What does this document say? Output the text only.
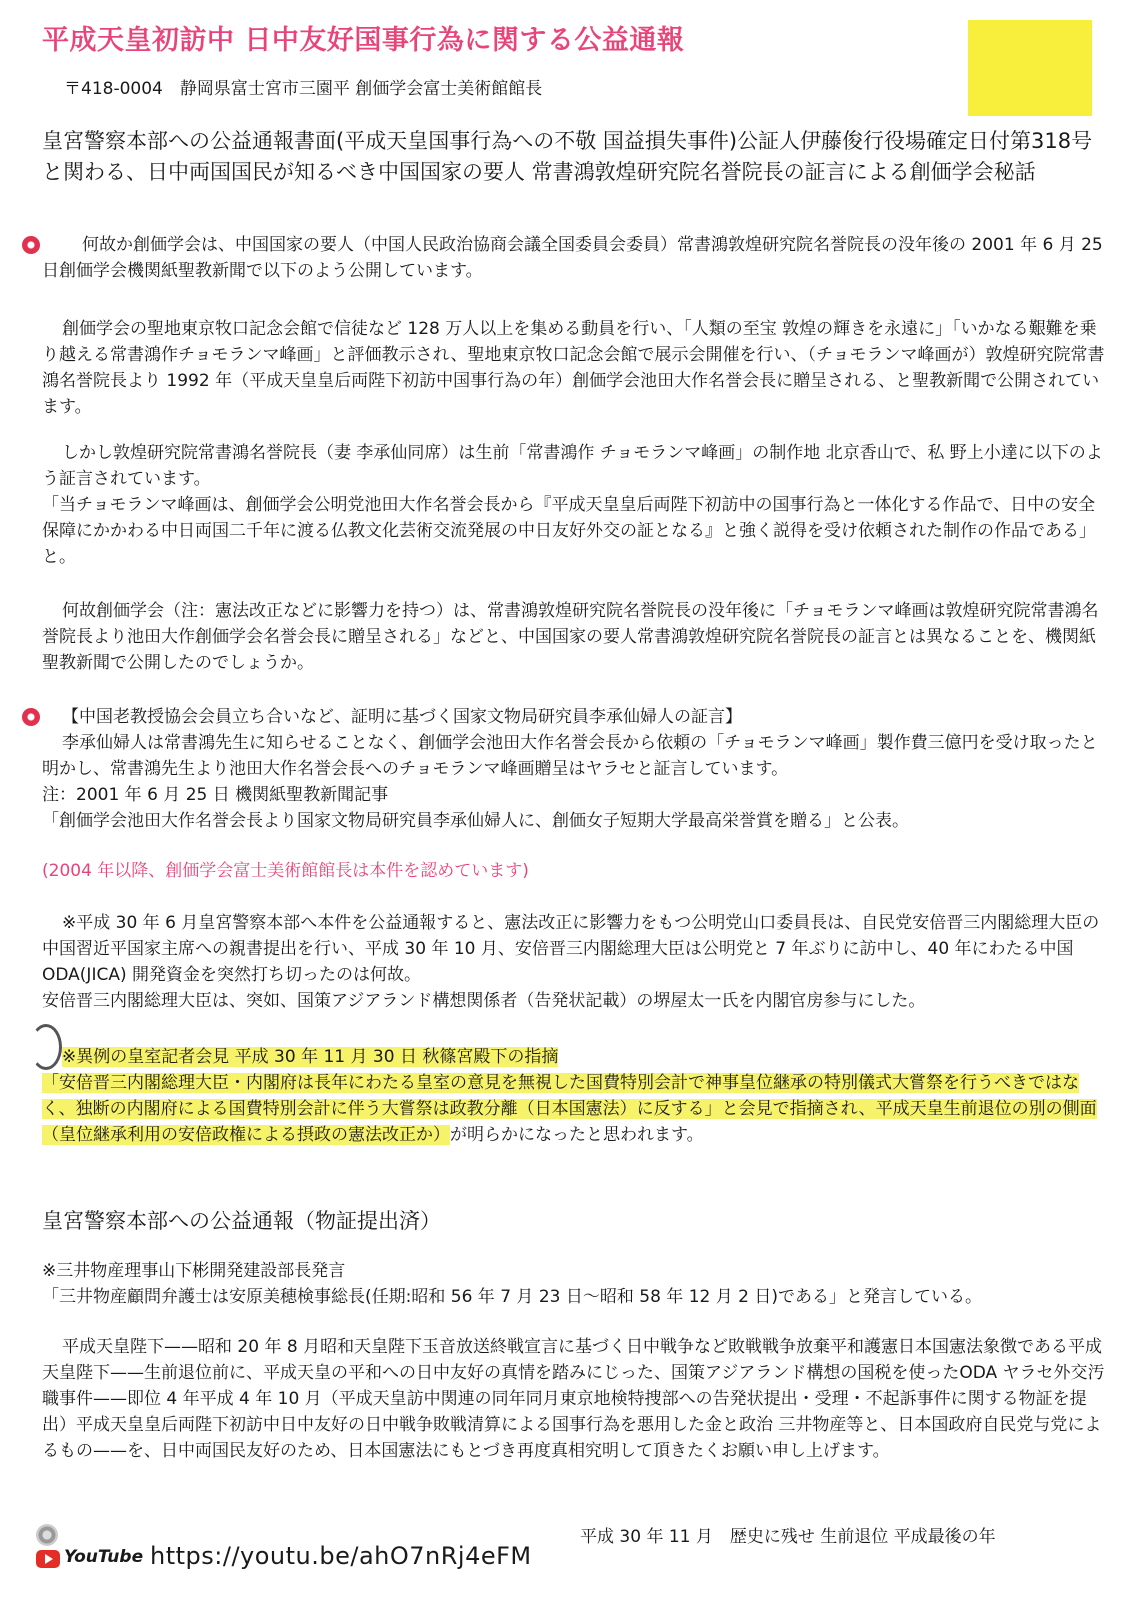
平成天皇初訪中 日中友好国事行為に関する公益通報
〒418-0004　静岡県富士宮市三園平 創価学会富士美術館館長
皇宮警察本部への公益通報書面(平成天皇国事行為への不敬 国益損失事件)公証人伊藤俊行役場確定日付第318号と関わる、日中両国国民が知るべき中国国家の要人 常書鴻敦煌研究院名誉院長の証言による創価学会秘話
何故か創価学会は、中国国家の要人（中国人民政治協商会議全国委員会委員）常書鴻敦煌研究院名誉院長の没年後の 2001 年 6 月 25 日創価学会機関紙聖教新聞で以下のよう公開しています。
創価学会の聖地東京牧口記念会館で信徒など 128 万人以上を集める動員を行い、「人類の至宝 敦煌の輝きを永遠に」「いかなる艱難を乗り越える常書鴻作チョモランマ峰画」と評価教示され、聖地東京牧口記念会館で展示会開催を行い、（チョモランマ峰画が）敦煌研究院常書鴻名誉院長より 1992 年（平成天皇皇后両陛下初訪中国事行為の年）創価学会池田大作名誉会長に贈呈される、と聖教新聞で公開されています。
しかし敦煌研究院常書鴻名誉院長（妻 李承仙同席）は生前「常書鴻作 チョモランマ峰画」の制作地 北京香山で、私 野上小達に以下のよう証言されています。
「当チョモランマ峰画は、創価学会公明党池田大作名誉会長から『平成天皇皇后両陛下初訪中の国事行為と一体化する作品で、日中の安全保障にかかわる中日両国二千年に渡る仏教文化芸術交流発展の中日友好外交の証となる』と強く説得を受け依頼された制作の作品である」と。
何故創価学会（注：憲法改正などに影響力を持つ）は、常書鴻敦煌研究院名誉院長の没年後に「チョモランマ峰画は敦煌研究院常書鴻名誉院長より池田大作創価学会名誉会長に贈呈される」などと、中国国家の要人常書鴻敦煌研究院名誉院長の証言とは異なることを、機関紙聖教新聞で公開したのでしょうか。
【中国老教授協会会員立ち合いなど、証明に基づく国家文物局研究員李承仙婦人の証言】
李承仙婦人は常書鴻先生に知らせることなく、創価学会池田大作名誉会長から依頼の「チョモランマ峰画」製作費三億円を受け取ったと明かし、常書鴻先生より池田大作名誉会長へのチョモランマ峰画贈呈はヤラセと証言しています。
注：2001 年 6 月 25 日 機関紙聖教新聞記事
「創価学会池田大作名誉会長より国家文物局研究員李承仙婦人に、創価女子短期大学最高栄誉賞を贈る」と公表。
(2004 年以降、創価学会富士美術館館長は本件を認めています)
※平成 30 年 6 月皇宮警察本部へ本件を公益通報すると、憲法改正に影響力をもつ公明党山口委員長は、自民党安倍晋三内閣総理大臣の中国習近平国家主席への親書提出を行い、平成 30 年 10 月、安倍晋三内閣総理大臣は公明党と 7 年ぶりに訪中し、40 年にわたる中国 ODA(JICA) 開発資金を突然打ち切ったのは何故。
安倍晋三内閣総理大臣は、突如、国策アジアランド構想関係者（告発状記載）の堺屋太一氏を内閣官房参与にした。
※異例の皇室記者会見 平成 30 年 11 月 30 日 秋篠宮殿下の指摘
「安倍晋三内閣総理大臣・内閣府は長年にわたる皇室の意見を無視した国費特別会計で神事皇位継承の特別儀式大嘗祭を行うべきではなく、独断の内閣府による国費特別会計に伴う大嘗祭は政教分離（日本国憲法）に反する」と会見で指摘され、平成天皇生前退位の別の側面（皇位継承利用の安倍政権による摂政の憲法改正か）が明らかになったと思われます。
皇宮警察本部への公益通報（物証提出済）
※三井物産理事山下彬開発建設部長発言
「三井物産顧問弁護士は安原美穂検事総長(任期:昭和 56 年 7 月 23 日～昭和 58 年 12 月 2 日)である」と発言している。
平成天皇陛下——昭和 20 年 8 月昭和天皇陛下玉音放送終戦宣言に基づく日中戦争など敗戦戦争放棄平和護憲日本国憲法象徴である平成天皇陛下——生前退位前に、平成天皇の平和への日中友好の真情を踏みにじった、国策アジアランド構想の国税を使ったODA ヤラセ外交汚職事件——即位 4 年平成 4 年 10 月（平成天皇訪中関連の同年同月東京地検特捜部への告発状提出・受理・不起訴事件に関する物証を提出）平成天皇皇后両陛下初訪中日中友好の日中戦争敗戦清算による国事行為を悪用した金と政治 三井物産等と、日本国政府自民党与党によるもの——を、日中両国民友好のため、日本国憲法にもとづき再度真相究明して頂きたくお願い申し上げます。
YouTube https://youtu.be/ahO7nRj4eFM
平成 30 年 11 月　歴史に残せ 生前退位 平成最後の年
